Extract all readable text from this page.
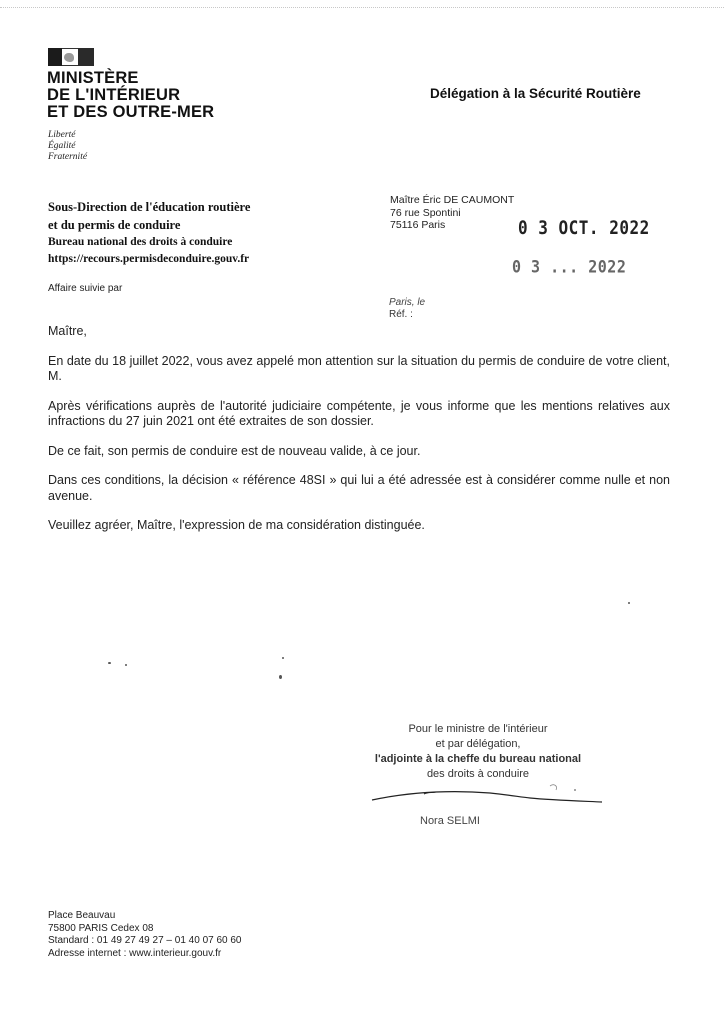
MINISTÈRE
DE L'INTÉRIEUR
ET DES OUTRE-MER
Liberté
Égalité
Fraternité
Délégation à la Sécurité Routière
Sous-Direction de l'éducation routière
et du permis de conduire
Bureau national des droits à conduire
https://recours.permisdeconduire.gouv.fr
Affaire suivie par
Maître Éric DE CAUMONT
76 rue Spontini
75116 Paris	0 3 OCT. 2022
0 3 ... 2022
Paris, le
Réf. :

Maître,

En date du 18 juillet 2022, vous avez appelé mon attention sur la situation du permis de conduire de votre client, M.

Après vérifications auprès de l'autorité judiciaire compétente, je vous informe que les mentions relatives aux infractions du 27 juin 2021 ont été extraites de son dossier.

De ce fait, son permis de conduire est de nouveau valide, à ce jour.

Dans ces conditions, la décision « référence 48SI » qui lui a été adressée est à considérer comme nulle et non avenue.

Veuillez agréer, Maître, l'expression de ma considération distinguée.

Pour le ministre de l'intérieur
et par délégation,
l'adjointe à la cheffe du bureau national
des droits à conduire
Nora SELMI
Place Beauvau
75800 PARIS Cedex 08
Standard : 01 49 27 49 27 – 01 40 07 60 60
Adresse internet : www.interieur.gouv.fr
